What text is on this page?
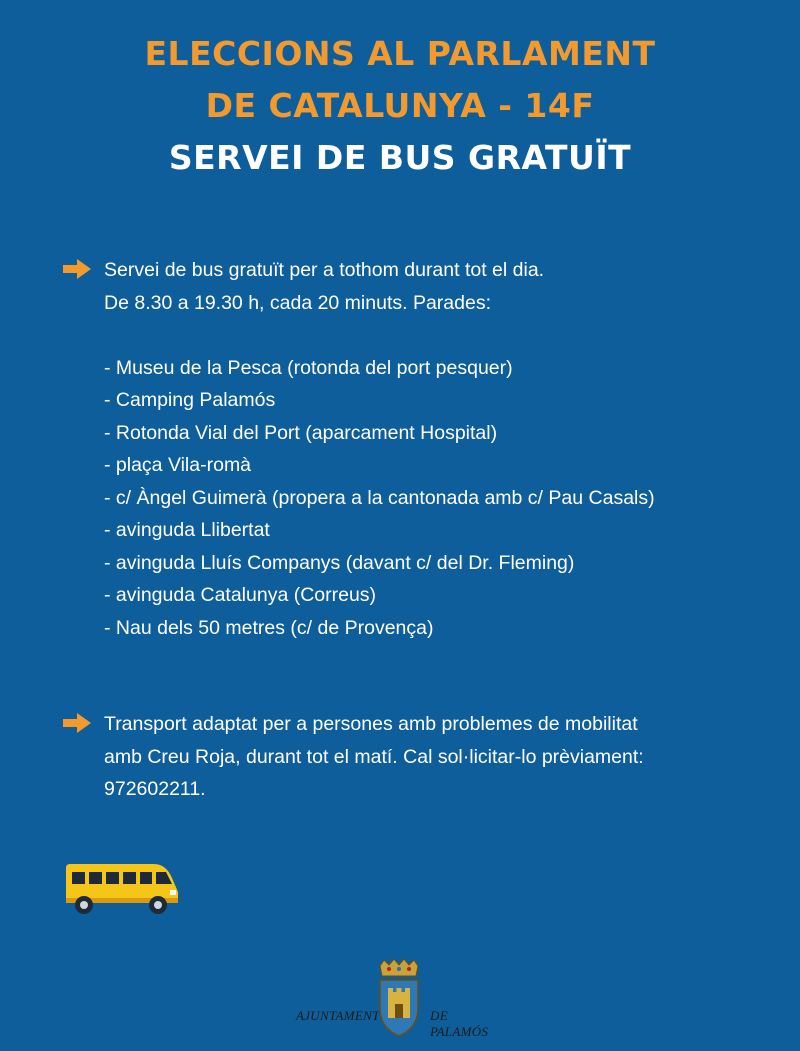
ELECCIONS AL PARLAMENT
DE CATALUNYA - 14F
SERVEI DE BUS GRATUÏT

Servei de bus gratuït per a tothom durant tot el dia.

De 8.30 a 19.30 h, cada 20 minuts. Parades:

- Museu de la Pesca (rotonda del port pesquer)

- Camping Palamós

- Rotonda Vial del Port (aparcament Hospital)

- plaça Vila-romà

- c/ Àngel Guimerà (propera a la cantonada amb c/ Pau Casals)

- avinguda Llibertat

- avinguda Lluís Companys (davant c/ del Dr. Fleming)

- avinguda Catalunya (Correus)

- Nau dels 50 metres (c/ de Provença)

Transport adaptat per a persones amb problemes de mobilitat

amb Creu Roja, durant tot el matí. Cal sol·licitar-lo prèviament:

972602211.

AJUNTAMENT	DE PALAMÓS
